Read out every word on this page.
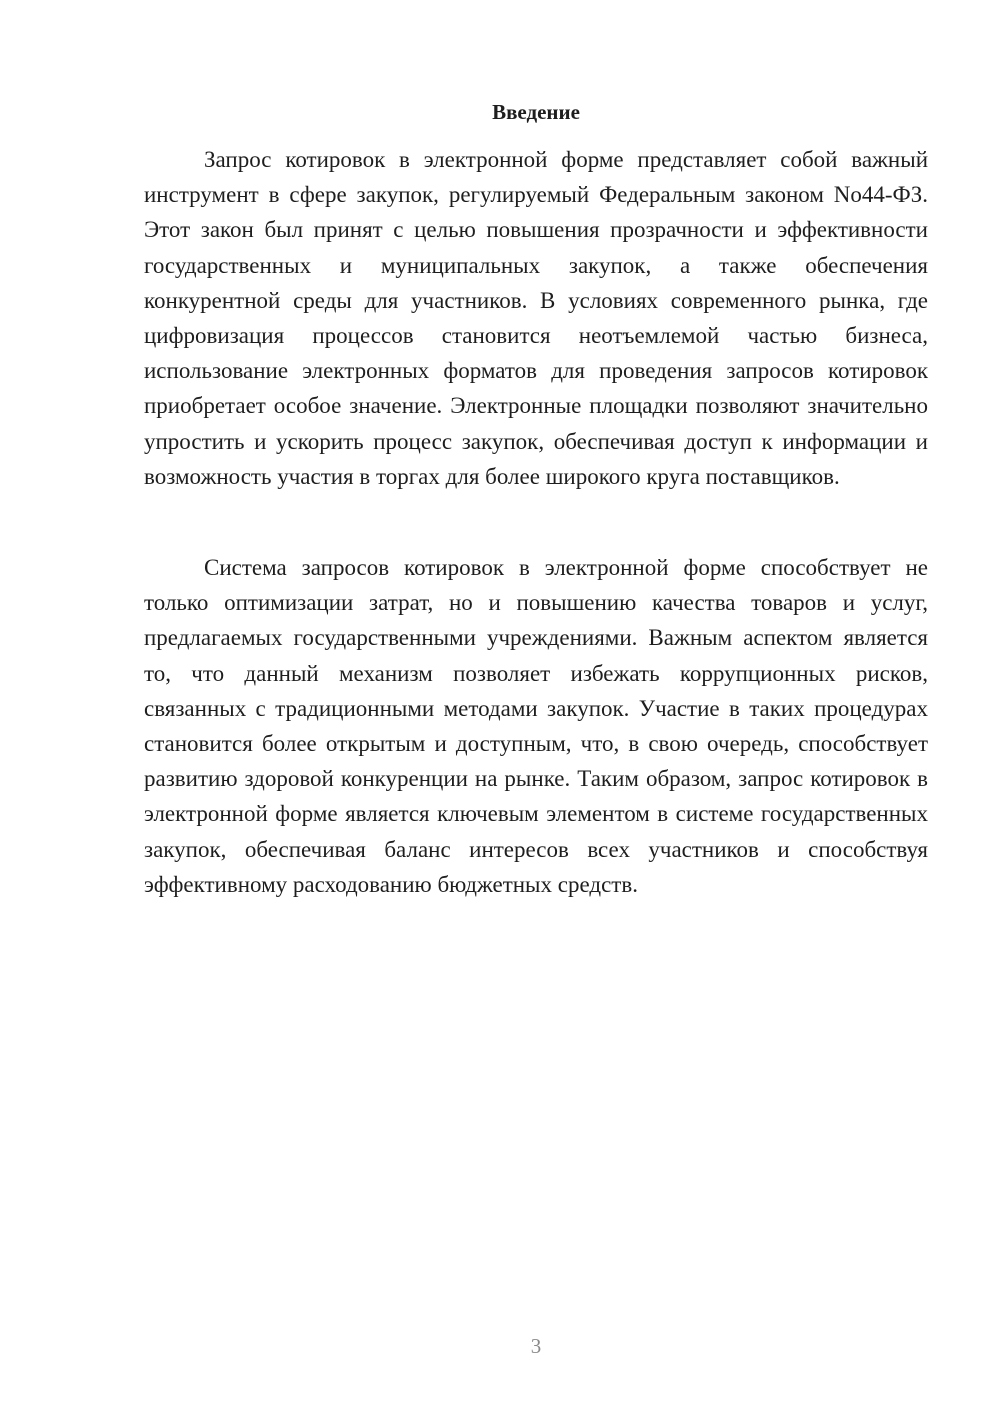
Введение

Запрос котировок в электронной форме представляет собой важный инструмент в сфере закупок, регулируемый Федеральным законом No44-ФЗ. Этот закон был принят с целью повышения прозрачности и эффективности государственных и муниципальных закупок, а также обеспечения конкурентной среды для участников. В условиях современного рынка, где цифровизация процессов становится неотъемлемой частью бизнеса, использование электронных форматов для проведения запросов котировок приобретает особое значение. Электронные площадки позволяют значительно упростить и ускорить процесс закупок, обеспечивая доступ к информации и возможность участия в торгах для более широкого круга поставщиков.

Система запросов котировок в электронной форме способствует не только оптимизации затрат, но и повышению качества товаров и услуг, предлагаемых государственными учреждениями. Важным аспектом является то, что данный механизм позволяет избежать коррупционных рисков, связанных с традиционными методами закупок. Участие в таких процедурах становится более открытым и доступным, что, в свою очередь, способствует развитию здоровой конкуренции на рынке. Таким образом, запрос котировок в электронной форме является ключевым элементом в системе государственных закупок, обеспечивая баланс интересов всех участников и способствуя эффективному расходованию бюджетных средств.

3
